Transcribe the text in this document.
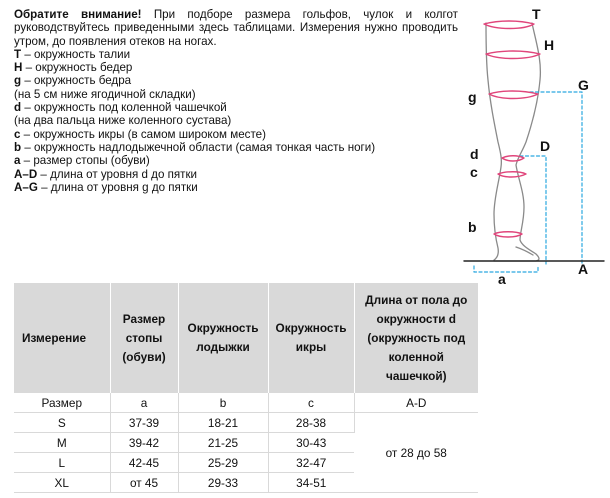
Обратите внимание! При подборе размера гольфов, чулок и колгот руководствуйтесь приведенными здесь таблицами. Измерения нужно проводить утром, до появления отеков на ногах.

T – окружность талии
H – окружность бедер
g – окружность бедра
(на 5 см ниже ягодичной складки)
d – окружность под коленной чашечкой
(на два пальца ниже коленного сустава)
c – окружность икры (в самом широком месте)
b – окружность надлодыжечной области (самая тонкая часть ноги)
a – размер стопы (обуви)
A–D – длина от уровня d до пятки
A–G – длина от уровня g до пятки
T
H
G
g
d	D
c
b
a
A
Измерение	Размер стопы (обуви)	Окружность лодыжки	Окружность икры	Длина от пола до окружности d (окружность под коленной чашечкой)
Размер	a	b	c	A-D
S	37-39	18-21	28-38	от 28 до 58
M	39-42	21-25	30-43	
L	42-45	25-29	32-47	
XL	от 45	29-33	34-51	
